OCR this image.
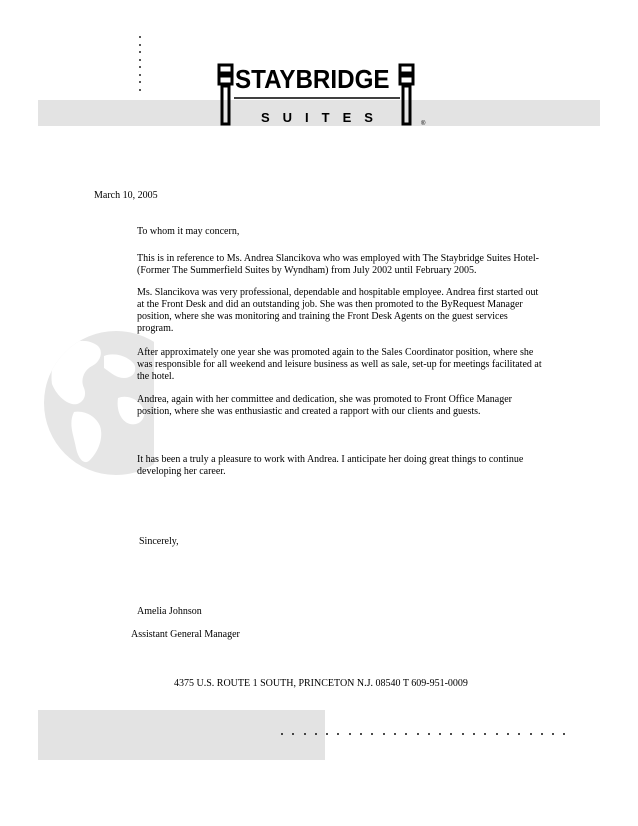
STAYBRIDGE
SUITES	®
March 10, 2005
To whom it may concern,

This is in reference to Ms. Andrea Slancikova who was employed with The Staybridge Suites Hotel-
(Former The Summerfield Suites by Wyndham) from July 2002 until February 2005.

Ms. Slancikova was very professional, dependable and hospitable employee. Andrea first started out
at the Front Desk and did an outstanding job. She was then promoted to the ByRequest Manager
position, where she was monitoring and training the Front Desk Agents on the guest services
program.

After approximately one year she was promoted again to the Sales Coordinator position, where she
was responsible for all weekend and leisure business as well as sale, set-up for meetings facilitated at
the hotel.

Andrea, again with her committee and dedication, she was promoted to Front Office Manager
position, where she was enthusiastic and created a rapport with our clients and guests.

It has been a truly a pleasure to work with Andrea. I anticipate her doing great things to continue
developing her career.

Sincerely,
Amelia Johnson
Assistant General Manager
4375 U.S. ROUTE 1 SOUTH, PRINCETON N.J. 08540 T 609-951-0009
